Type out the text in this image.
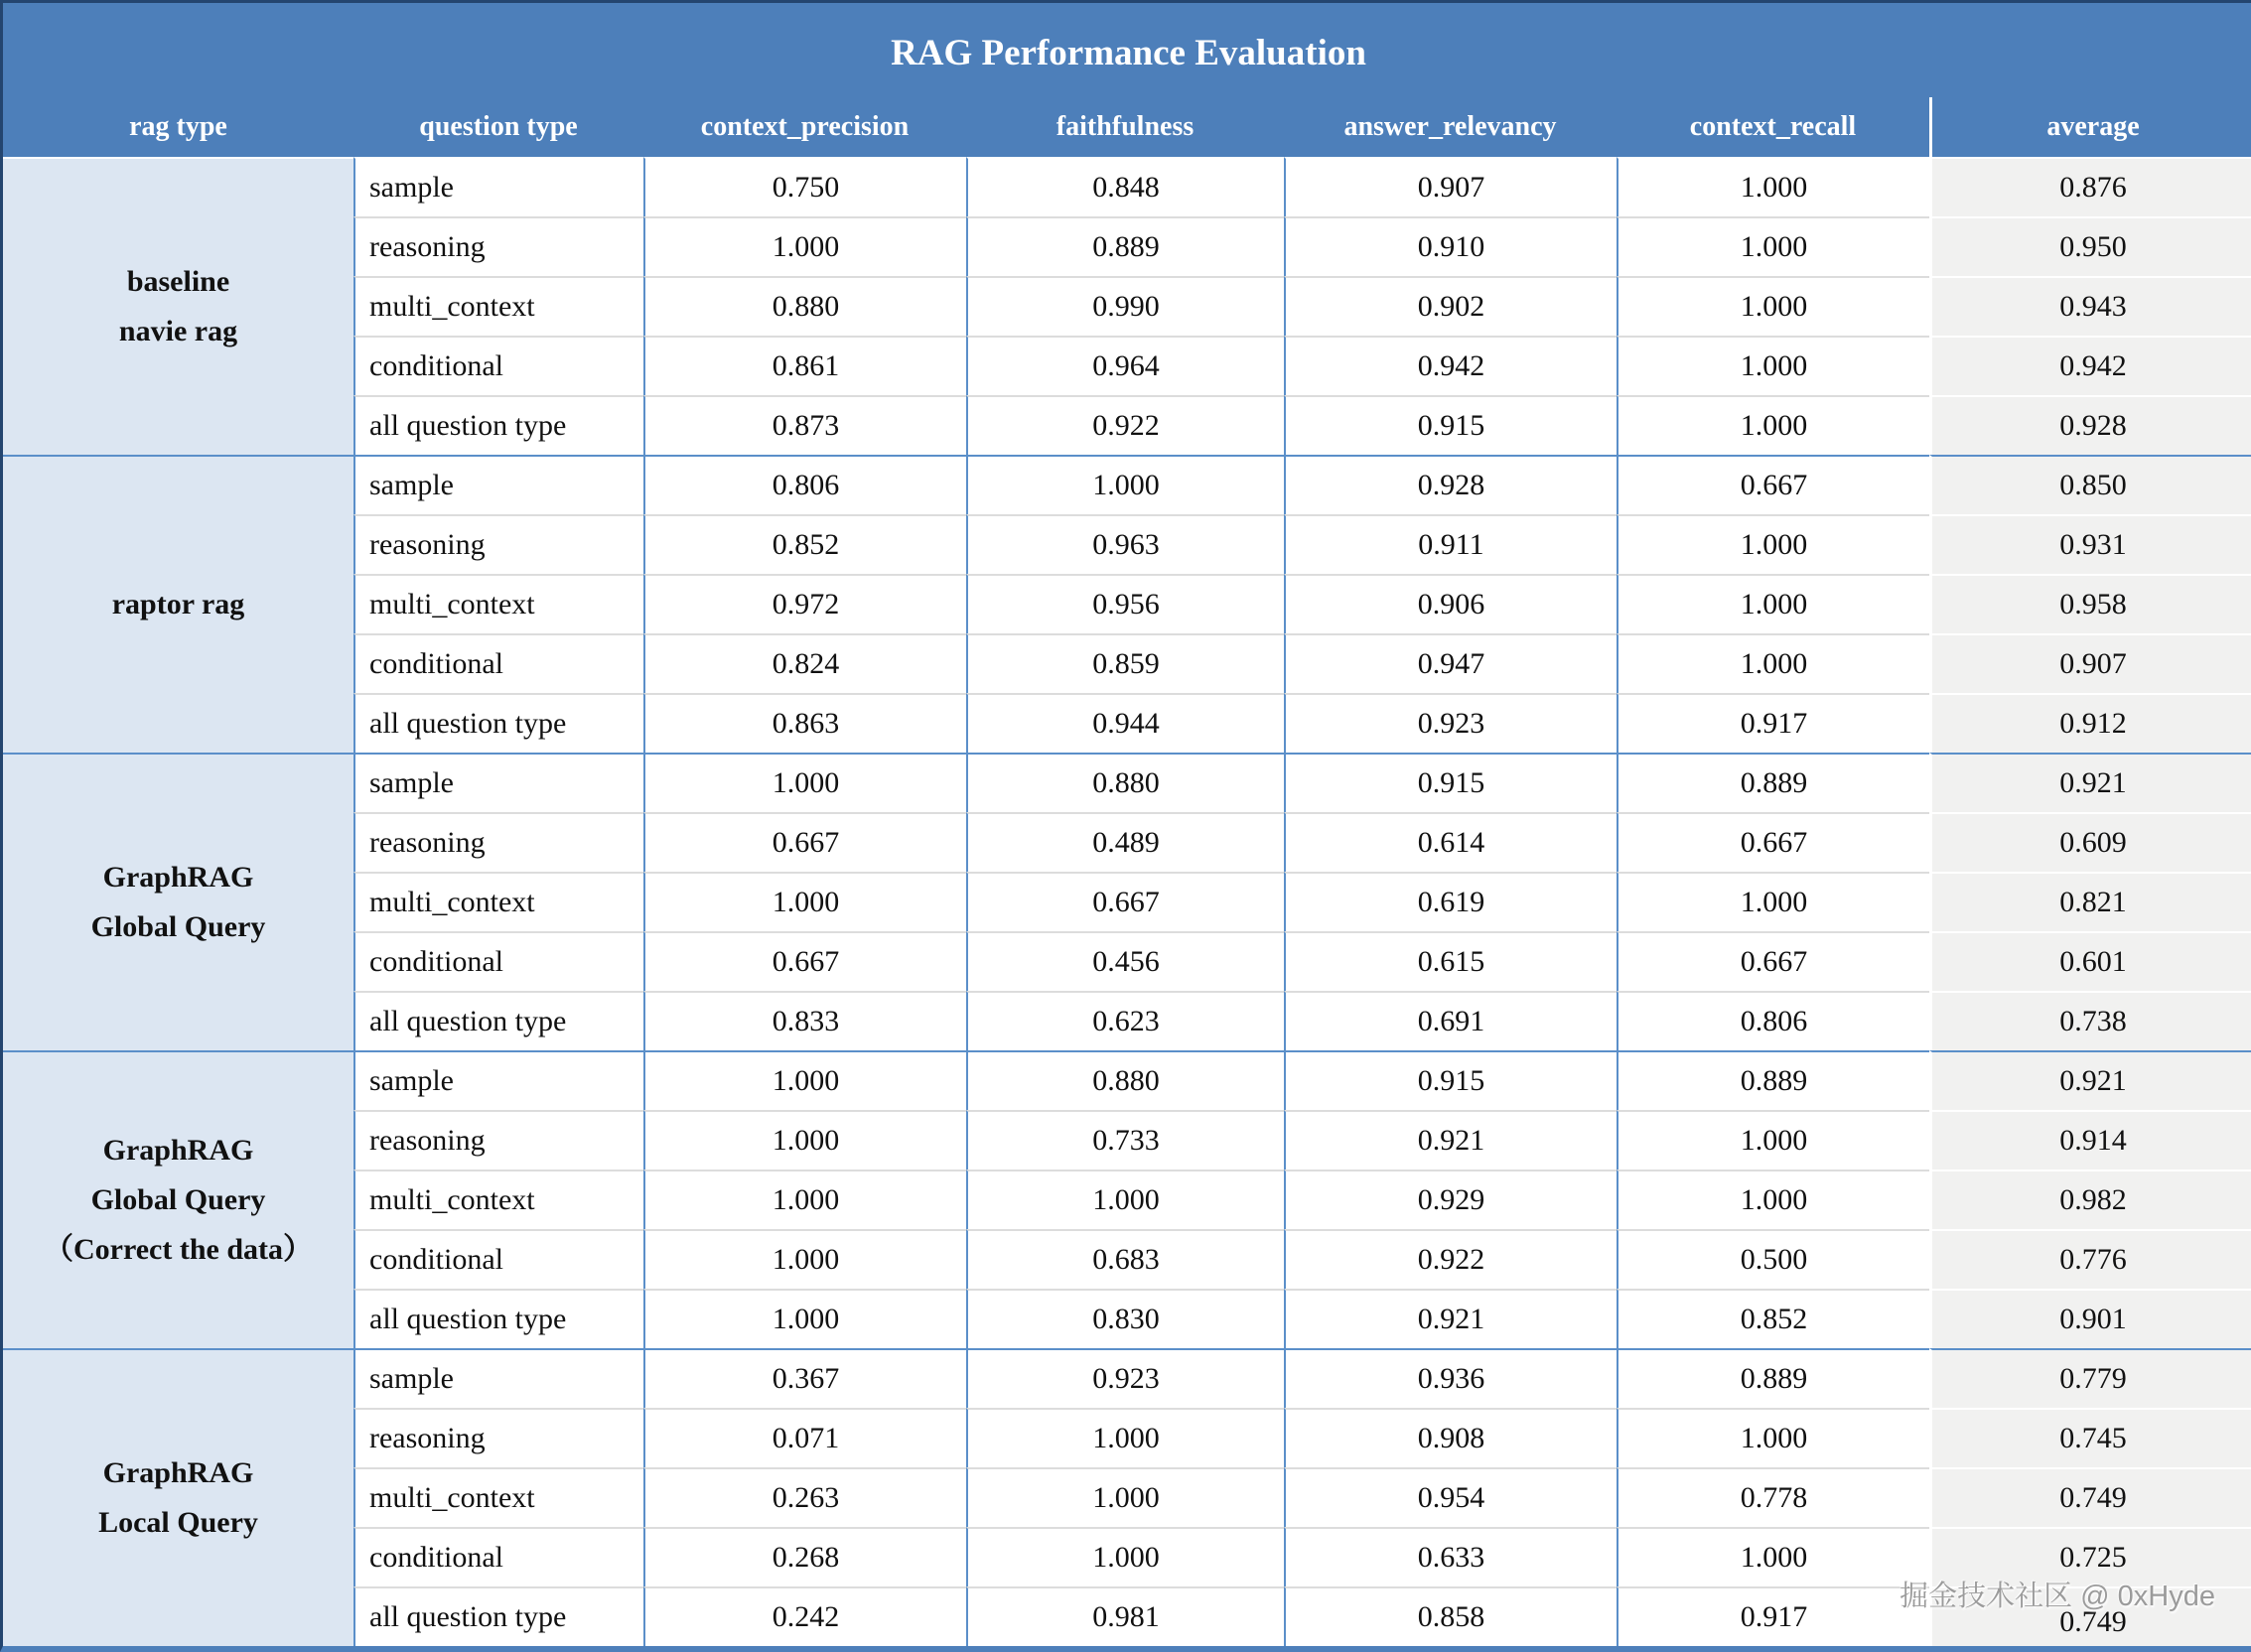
RAG Performance Evaluation
rag type	question type	context_precision	faithfulness	answer_relevancy	context_recall	average
baseline
navie rag
sample	0.750	0.848	0.907	1.000	0.876
reasoning	1.000	0.889	0.910	1.000	0.950
multi_context	0.880	0.990	0.902	1.000	0.943
conditional	0.861	0.964	0.942	1.000	0.942
all question type	0.873	0.922	0.915	1.000	0.928
raptor rag
sample	0.806	1.000	0.928	0.667	0.850
reasoning	0.852	0.963	0.911	1.000	0.931
multi_context	0.972	0.956	0.906	1.000	0.958
conditional	0.824	0.859	0.947	1.000	0.907
all question type	0.863	0.944	0.923	0.917	0.912
GraphRAG
Global Query
sample	1.000	0.880	0.915	0.889	0.921
reasoning	0.667	0.489	0.614	0.667	0.609
multi_context	1.000	0.667	0.619	1.000	0.821
conditional	0.667	0.456	0.615	0.667	0.601
all question type	0.833	0.623	0.691	0.806	0.738
GraphRAG
Global Query
（Correct the data）
sample	1.000	0.880	0.915	0.889	0.921
reasoning	1.000	0.733	0.921	1.000	0.914
multi_context	1.000	1.000	0.929	1.000	0.982
conditional	1.000	0.683	0.922	0.500	0.776
all question type	1.000	0.830	0.921	0.852	0.901
GraphRAG
Local Query
sample	0.367	0.923	0.936	0.889	0.779
reasoning	0.071	1.000	0.908	1.000	0.745
multi_context	0.263	1.000	0.954	0.778	0.749
conditional	0.268	1.000	0.633	1.000	0.725
all question type	0.242	0.981	0.858	0.917	0.749
掘金技术社区 @ 0xHyde
